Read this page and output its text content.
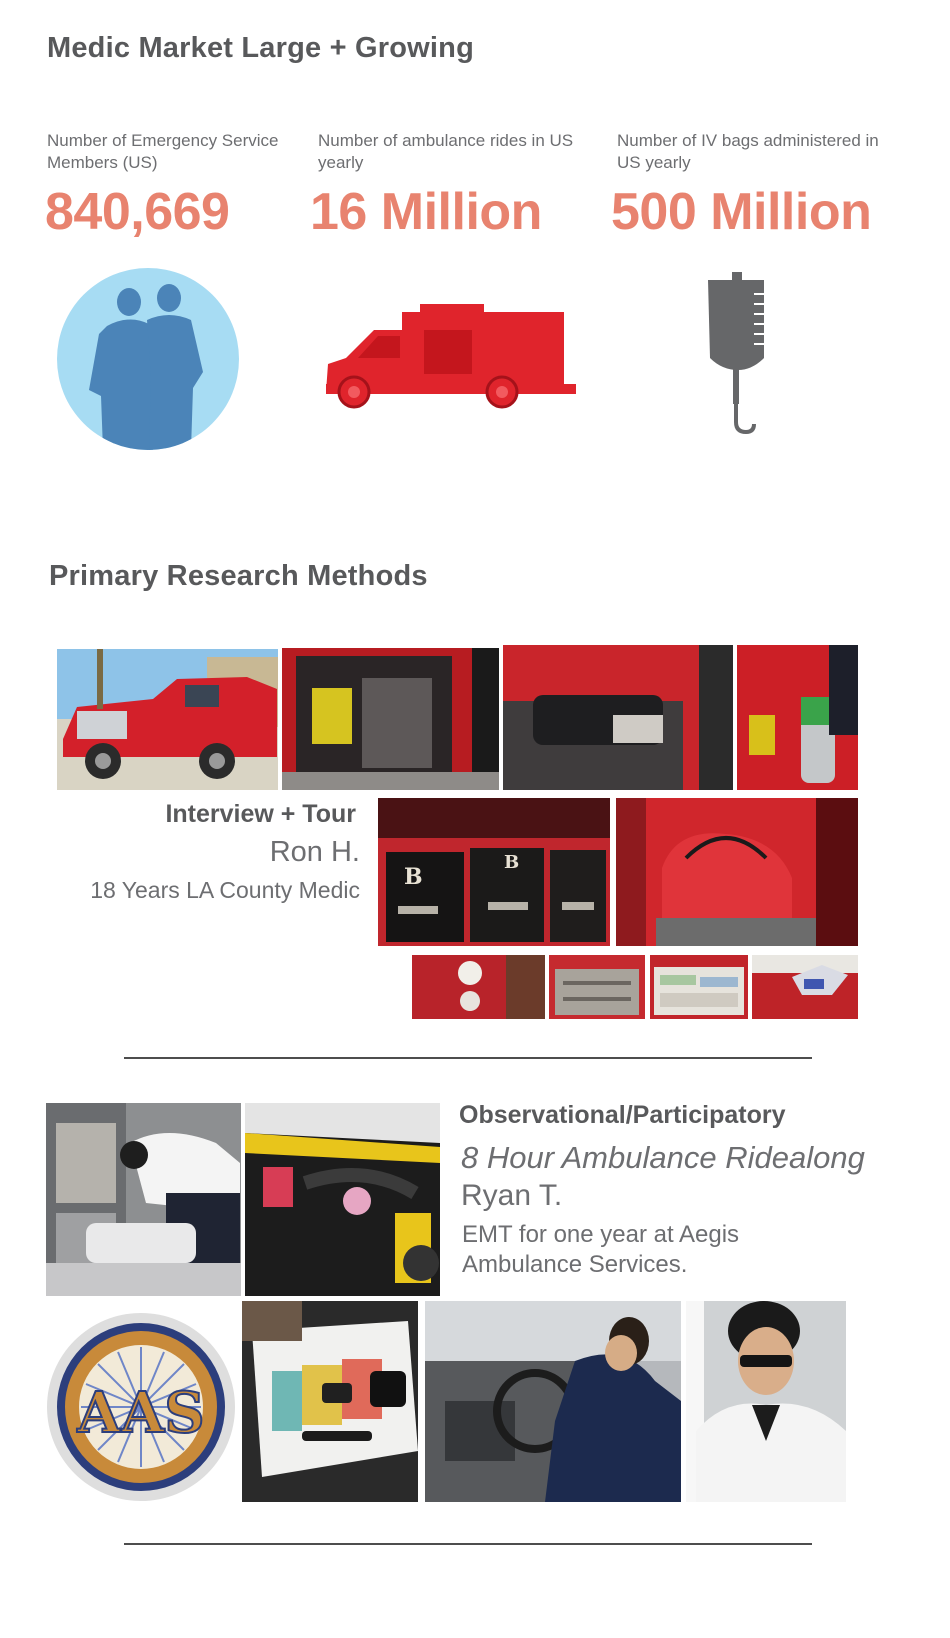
Medic Market Large + Growing
Number of Emergency Service Members (US)
Number of ambulance rides in US yearly
Number of IV bags administered in US yearly
840,669 16 Million 500 Million
Primary Research Methods
Interview + Tour
Ron H.
18 Years LA County Medic B
B
Observational/Participatory
8 Hour Ambulance Ridealong
Ryan T.
EMT for one year at Aegis
Ambulance Services.
AAS
